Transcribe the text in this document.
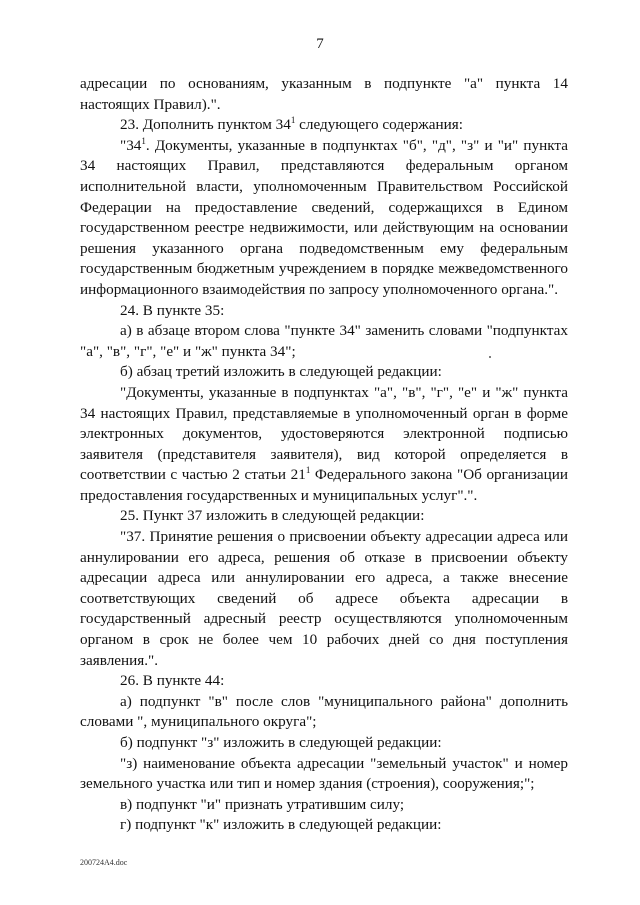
7

адресации по основаниям, указанным в подпункте "а" пункта 14 настоящих Правил).".

23. Дополнить пунктом $34^1$ следующего содержания:

"$34^1$. Документы, указанные в подпунктах "б", "д", "з" и "и" пункта 34 настоящих Правил, представляются федеральным органом исполнительной власти, уполномоченным Правительством Российской Федерации на предоставление сведений, содержащихся в Едином государственном реестре недвижимости, или действующим на основании решения указанного органа подведомственным ему федеральным государственным бюджетным учреждением в порядке межведомственного информационного взаимодействия по запросу уполномоченного органа.".

24. В пункте 35:

а) в абзаце втором слова "пункте 34" заменить словами "подпунктах "а", "в", "г", "е" и "ж" пункта 34";

б) абзац третий изложить в следующей редакции:

"Документы, указанные в подпунктах "а", "в", "г", "е" и "ж" пункта 34 настоящих Правил, представляемые в уполномоченный орган в форме электронных документов, удостоверяются электронной подписью заявителя (представителя заявителя), вид которой определяется в соответствии с частью 2 статьи $21^1$ Федерального закона "Об организации предоставления государственных и муниципальных услуг".".

25. Пункт 37 изложить в следующей редакции:

"37. Принятие решения о присвоении объекту адресации адреса или аннулировании его адреса, решения об отказе в присвоении объекту адресации адреса или аннулировании его адреса, а также внесение соответствующих сведений об адресе объекта адресации в государственный адресный реестр осуществляются уполномоченным органом в срок не более чем 10 рабочих дней со дня поступления заявления.".

26. В пункте 44:

а) подпункт "в" после слов "муниципального района" дополнить словами ", муниципального округа";

б) подпункт "з" изложить в следующей редакции:

"з) наименование объекта адресации "земельный участок" и номер земельного участка или тип и номер здания (строения), сооружения;";

в) подпункт "и" признать утратившим силу;

г) подпункт "к" изложить в следующей редакции:

200724A4.doc
